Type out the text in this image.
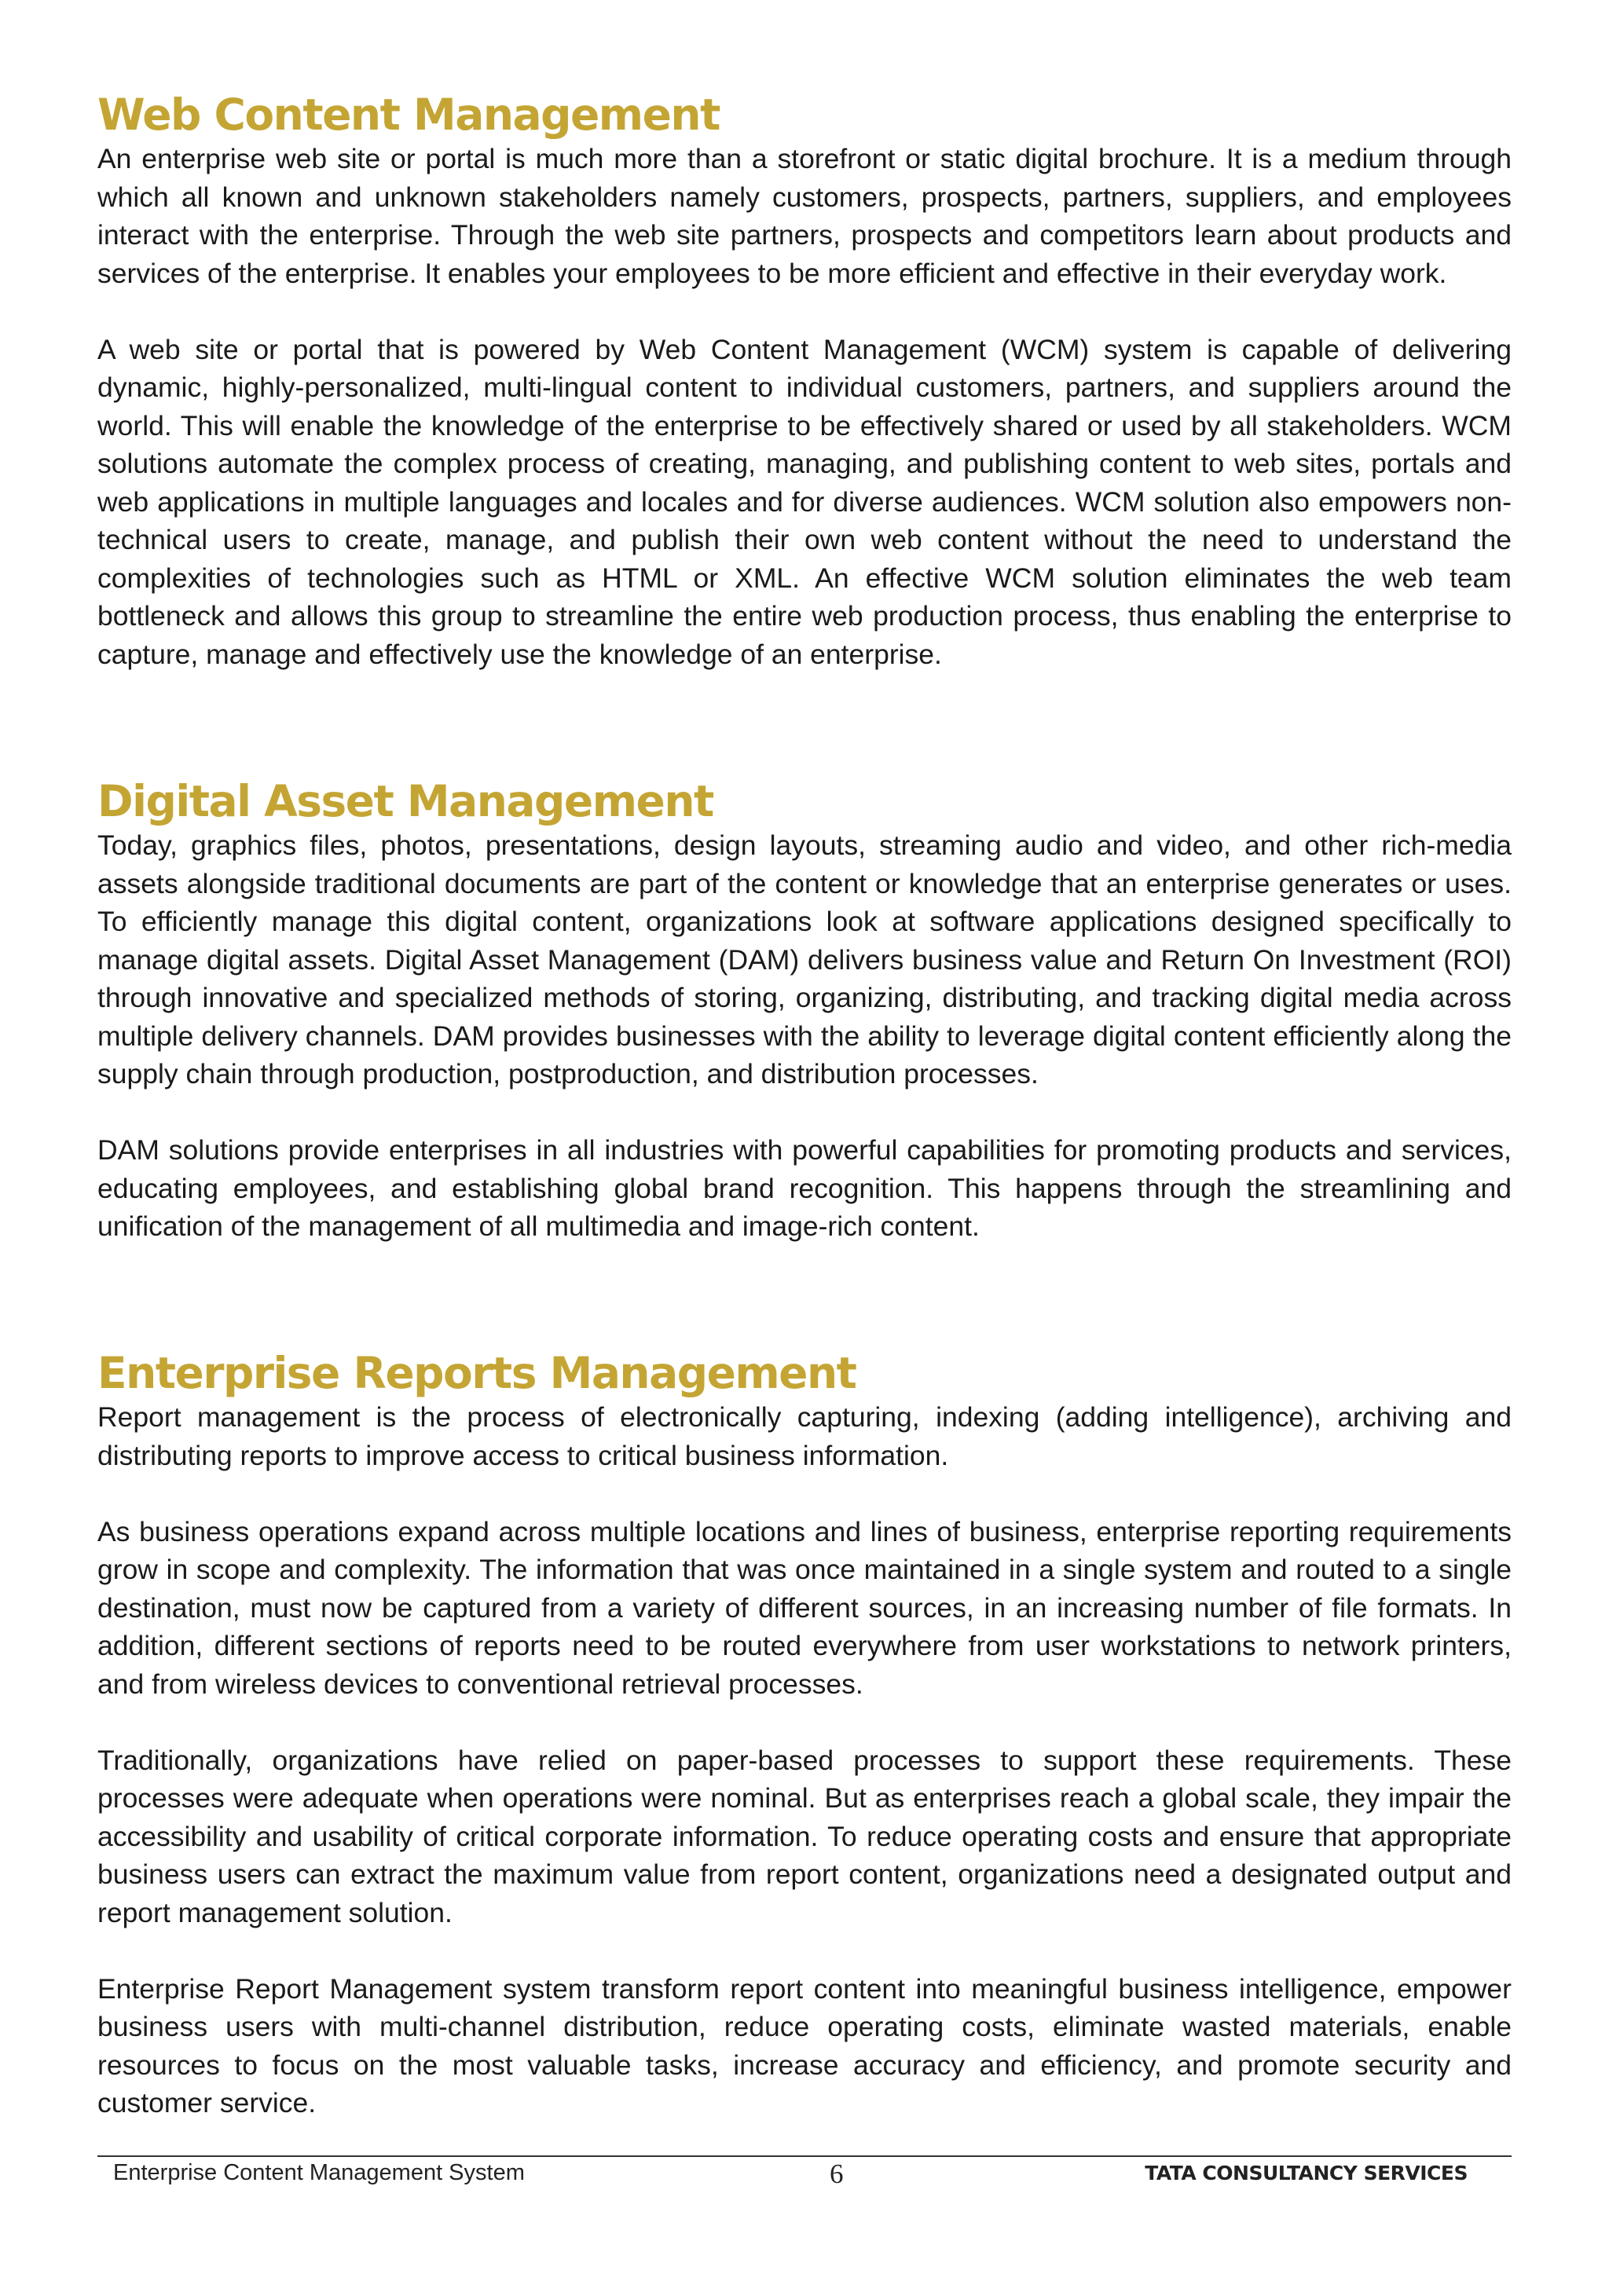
Web Content Management

An enterprise web site or portal is much more than a storefront or static digital brochure. It is a medium through which all known and unknown stakeholders namely customers, prospects, partners, suppliers, and employees interact with the enterprise. Through the web site partners, prospects and competitors learn about products and services of the enterprise. It enables your employees to be more efficient and effective in their everyday work.

A web site or portal that is powered by Web Content Management (WCM) system is capable of delivering dynamic, highly-personalized, multi-lingual content to individual customers, partners, and suppliers around the world. This will enable the knowledge of the enterprise to be effectively shared or used by all stakeholders. WCM solutions automate the complex process of creating, managing, and publishing content to web sites, portals and web applications in multiple languages and locales and for diverse audiences. WCM solution also empowers non-technical users to create, manage, and publish their own web content without the need to understand the complexities of technologies such as HTML or XML. An effective WCM solution eliminates the web team bottleneck and allows this group to streamline the entire web production process, thus enabling the enterprise to capture, manage and effectively use the knowledge of an enterprise.

Digital Asset Management

Today, graphics files, photos, presentations, design layouts, streaming audio and video, and other rich-media assets alongside traditional documents are part of the content or knowledge that an enterprise generates or uses. To efficiently manage this digital content, organizations look at software applications designed specifically to manage digital assets. Digital Asset Management (DAM) delivers business value and Return On Investment (ROI) through innovative and specialized methods of storing, organizing, distributing, and tracking digital media across multiple delivery channels. DAM provides businesses with the ability to leverage digital content efficiently along the supply chain through production, postproduction, and distribution processes.

DAM solutions provide enterprises in all industries with powerful capabilities for promoting products and services, educating employees, and establishing global brand recognition. This happens through the streamlining and unification of the management of all multimedia and image-rich content.

Enterprise Reports Management

Report management is the process of electronically capturing, indexing (adding intelligence), archiving and distributing reports to improve access to critical business information.

As business operations expand across multiple locations and lines of business, enterprise reporting requirements grow in scope and complexity. The information that was once maintained in a single system and routed to a single destination, must now be captured from a variety of different sources, in an increasing number of file formats. In addition, different sections of reports need to be routed everywhere from user workstations to network printers, and from wireless devices to conventional retrieval processes.

Traditionally, organizations have relied on paper-based processes to support these requirements. These processes were adequate when operations were nominal. But as enterprises reach a global scale, they impair the accessibility and usability of critical corporate information. To reduce operating costs and ensure that appropriate business users can extract the maximum value from report content, organizations need a designated output and report management solution.

Enterprise Report Management system transform report content into meaningful business intelligence, empower business users with multi-channel distribution, reduce operating costs, eliminate wasted materials, enable resources to focus on the most valuable tasks, increase accuracy and efficiency, and promote security and customer service.

Enterprise Content Management System	6	TATA CONSULTANCY SERVICES
